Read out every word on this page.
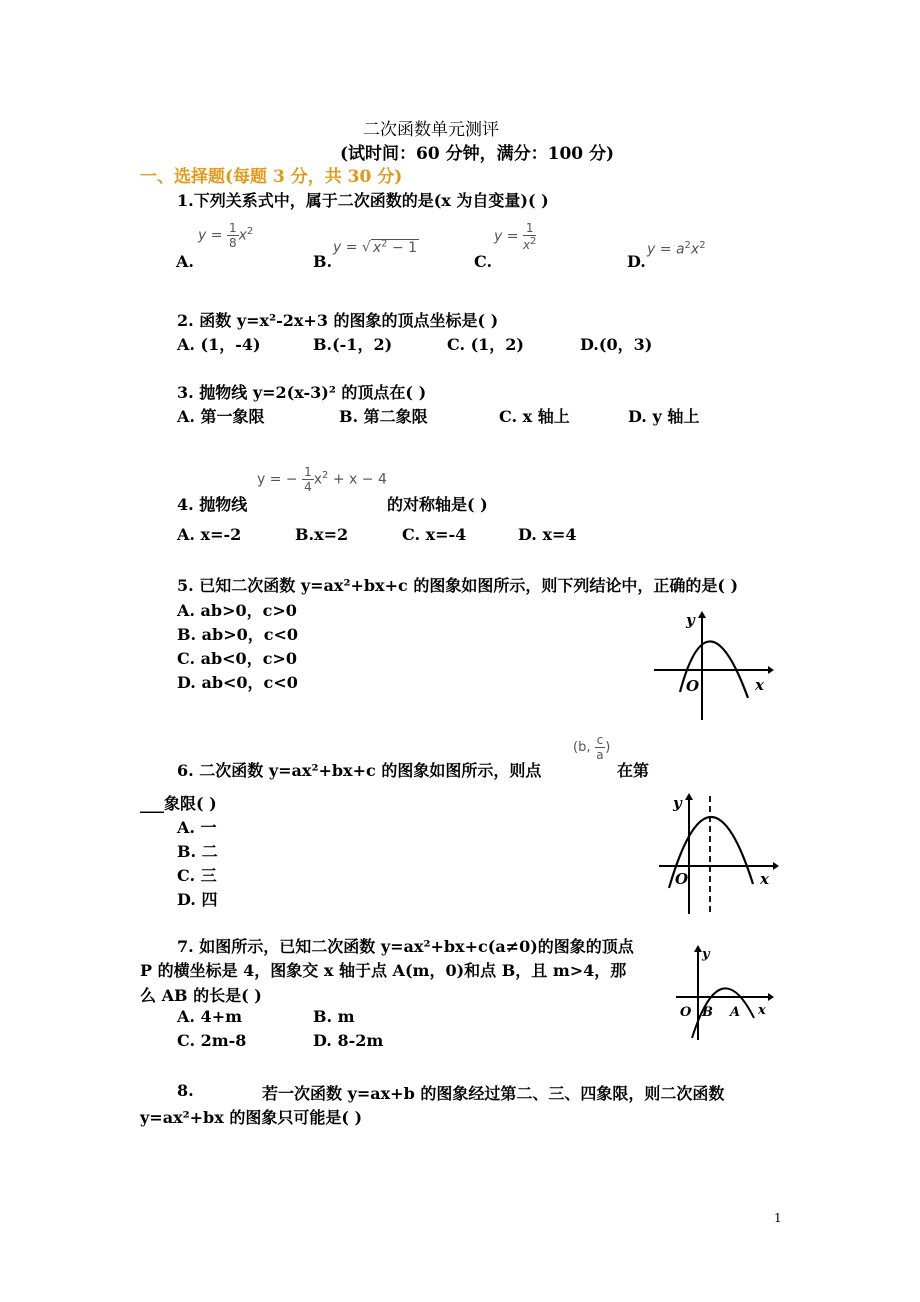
二次函数单元测评
(试时间：60 分钟，满分：100 分)
一、选择题(每题 3 分，共 30 分)
1.下列关系式中，属于二次函数的是(x 为自变量)( )
A.
$y = \frac{1}{8} x^2$
B.
y = √ $x^2 - 1$
C.
$y = \frac{1}{x^2}$
D.
$y = a^2x^2$
2. 函数 y=x²-2x+3 的图象的顶点坐标是( )
A. (1，-4)	B.(-1，2)	C. (1，2)	D.(0，3)
3. 抛物线 y=2(x-3)² 的顶点在( )
A. 第一象限	B. 第二象限	C. x 轴上	D. y 轴上
y = − $\frac{1}{4} x^2 + x - 4$
4. 抛物线	的对称轴是( )
A. x=-2	B.x=2	C. x=-4	D. x=4
5. 已知二次函数 y=ax²+bx+c 的图象如图所示，则下列结论中，正确的是( )
A. ab>0，c>0
B. ab>0，c<0
C. ab<0，c>0
D. ab<0，c<0
y
O	x
6. 二次函数 y=ax²+bx+c 的图象如图所示，则点
(b, $\frac{c}{a}$ )
在第
___象限( )
A. 一
B. 二
C. 三
D. 四
y
O	x
7. 如图所示，已知二次函数 y=ax²+bx+c(a≠0)的图象的顶点
P 的横坐标是 4，图象交 x 轴于点 A(m，0)和点 B，且 m>4，那
么 AB 的长是( )
A. 4+m	B. m
C. 2m-8	D. 8-2m
y
O B A x
8.	若一次函数 y=ax+b 的图象经过第二、三、四象限，则二次函数
y=ax²+bx 的图象只可能是( )
1
